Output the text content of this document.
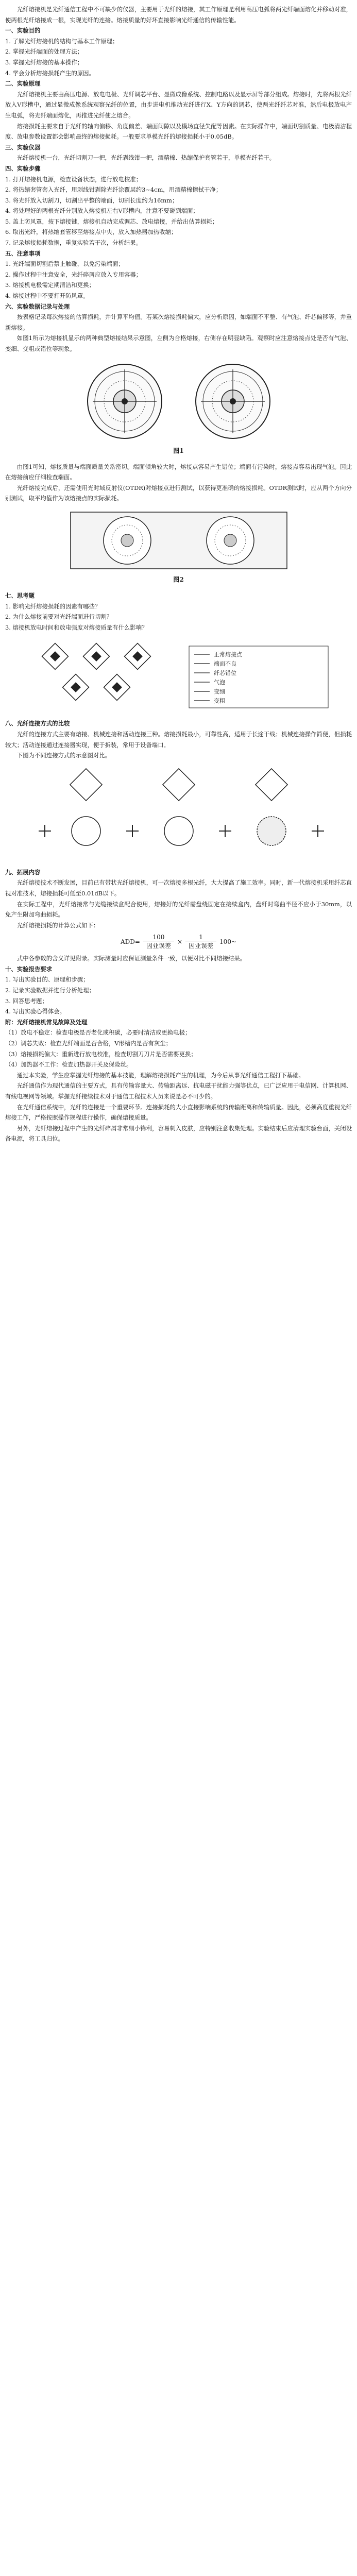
光纤熔接机是光纤通信工程中不可缺少的仪器，主要用于光纤的熔接，其工作原理是利用高压电弧将两光纤端面熔化并移动对准，使两根光纤熔接成一根，实现光纤的连接。熔接质量的好坏直接影响光纤通信的传输性能。

一、实验目的

1. 了解光纤熔接机的结构与基本工作原理；

2. 掌握光纤端面的处理方法；

3. 掌握光纤熔接的基本操作；

4. 学会分析熔接损耗产生的原因。

二、实验原理

光纤熔接机主要由高压电源、放电电极、光纤调芯平台、显微成像系统、控制电路以及显示屏等部分组成。熔接时，先将两根光纤放入V形槽中，通过显微成像系统观察光纤的位置，由步进电机推动光纤进行X、Y方向的调芯，使两光纤纤芯对准，然后电极放电产生电弧，将光纤端面熔化，再推进光纤使之熔合。

熔接损耗主要来自于光纤的轴向偏移、角度偏差、端面间隙以及模场直径失配等因素。在实际操作中，端面切割质量、电极清洁程度、放电参数设置都会影响最终的熔接损耗。一般要求单模光纤的熔接损耗小于0.05dB。

三、实验仪器

光纤熔接机一台，光纤切割刀一把，光纤剥线钳一把，酒精棉、热缩保护套管若干，单模光纤若干。

四、实验步骤

1. 打开熔接机电源，检查设备状态，进行放电校准；

2. 将热缩套管套入光纤，用剥线钳剥除光纤涂覆层约3~4cm，用酒精棉擦拭干净；

3. 将光纤放入切割刀，切割出平整的端面，切割长度约为16mm；

4. 将处理好的两根光纤分别放入熔接机左右V形槽内，注意不要碰到端面；

5. 盖上防风罩，按下熔接键，熔接机自动完成调芯、放电熔接，并给出估算损耗；

6. 取出光纤，将热缩套管移至熔接点中央，放入加热器加热收缩；

7. 记录熔接损耗数据，重复实验若干次，分析结果。

五、注意事项

1. 光纤端面切割后禁止触碰，以免污染端面；

2. 操作过程中注意安全，光纤碎屑应放入专用容器；

3. 熔接机电极需定期清洁和更换；

4. 熔接过程中不要打开防风罩。

六、实验数据记录与处理

按表格记录每次熔接的估算损耗，并计算平均值。若某次熔接损耗偏大，应分析原因，如端面不平整、有气泡、纤芯偏移等，并重新熔接。

如图1所示为熔接机显示的两种典型熔接结果示意图，左侧为合格熔接，右侧存在明显缺陷。观察时应注意熔接点处是否有气泡、变细、变粗或错位等现象。

图1

由图1可知，熔接质量与端面质量关系密切。端面倾角较大时，熔接点容易产生错位；端面有污染时，熔接点容易出现气泡。因此在熔接前应仔细检查端面。

光纤熔接完成后，还需使用光时域反射仪(OTDR)对熔接点进行测试，以获得更准确的熔接损耗。OTDR测试时，应从两个方向分别测试，取平均值作为该熔接点的实际损耗。

图2
七、思考题

1. 影响光纤熔接损耗的因素有哪些？

2. 为什么熔接前要对光纤端面进行切割？

3. 熔接机放电时间和放电强度对熔接质量有什么影响？

正常熔接点
端面不良
纤芯错位
气泡
变细
变粗
八、光纤连接方式的比较

光纤的连接方式主要有熔接、机械连接和活动连接三种。熔接损耗最小，可靠性高，适用于长途干线；机械连接操作简便，但损耗较大；活动连接通过连接器实现，便于拆装，常用于设备端口。

下图为不同连接方式的示意图对比。

九、拓展内容

光纤熔接技术不断发展，目前已有带状光纤熔接机，可一次熔接多根光纤，大大提高了施工效率。同时，新一代熔接机采用纤芯直视对准技术，熔接损耗可低至0.01dB以下。

在实际工程中，光纤熔接常与光缆接续盒配合使用，熔接好的光纤需盘绕固定在接续盒内，盘纤时弯曲半径不应小于30mm，以免产生附加弯曲损耗。

光纤熔接损耗的计算公式如下：

$ADD= \frac{100}{\text{因业误差}} \times \frac{1}{\text{因业误差}}$ 100~

式中各参数的含义详见附录。实际测量时应保证测量条件一致，以便对比不同熔接结果。

十、实验报告要求

1. 写出实验目的、原理和步骤；

2. 记录实验数据并进行分析处理；

3. 回答思考题；

4. 写出实验心得体会。

附：光纤熔接机常见故障及处理

（1）放电不稳定：检查电极是否老化或积碳，必要时清洁或更换电极；

（2）调芯失败：检查光纤端面是否合格，V形槽内是否有灰尘；

（3）熔接损耗偏大：重新进行放电校准，检查切割刀刀片是否需要更换；

（4）加热器不工作：检查加热器开关及保险丝。

通过本实验，学生应掌握光纤熔接的基本技能，理解熔接损耗产生的机理，为今后从事光纤通信工程打下基础。

光纤通信作为现代通信的主要方式，具有传输容量大、传输距离远、抗电磁干扰能力强等优点，已广泛应用于电信网、计算机网、有线电视网等领域。掌握光纤接续技术对于通信工程技术人员来说是必不可少的。

在光纤通信系统中，光纤的连接是一个重要环节。连接损耗的大小直接影响系统的传输距离和传输质量。因此，必须高度重视光纤熔接工作，严格按照操作规程进行操作，确保熔接质量。

另外，光纤熔接过程中产生的光纤碎屑非常细小锋利，容易刺入皮肤，应特别注意收集处理。实验结束后应清理实验台面，关闭设备电源，将工具归位。
